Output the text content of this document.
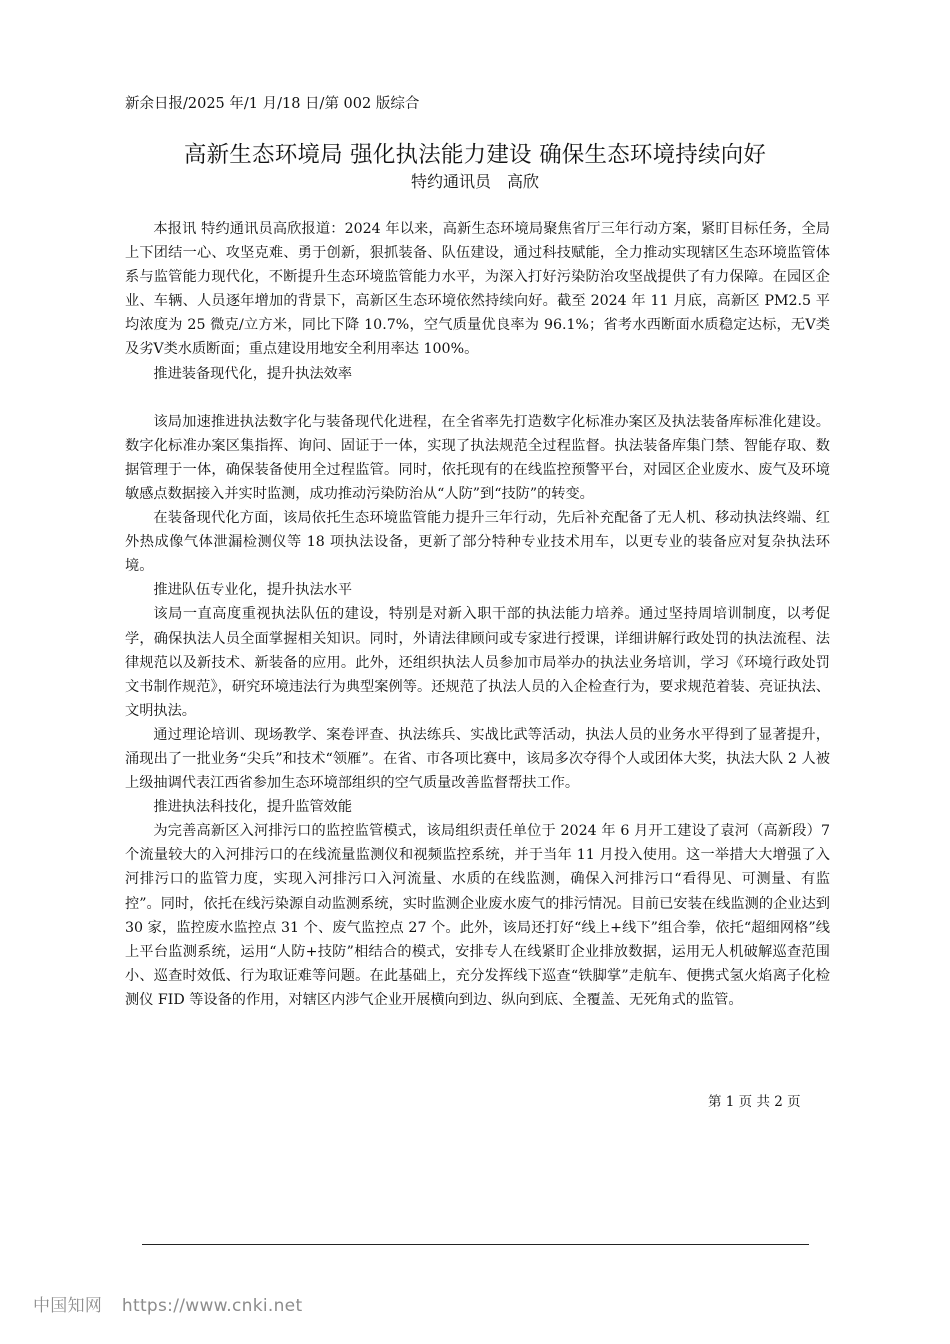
新余日报/2025 年/1 月/18 日/第 002 版综合
高新生态环境局 强化执法能力建设 确保生态环境持续向好
特约通讯员　高欣

本报讯 特约通讯员高欣报道：2024 年以来，高新生态环境局聚焦省厅三年行动方案，紧盯目标任务，全局上下团结一心、攻坚克难、勇于创新，狠抓装备、队伍建设，通过科技赋能，全力推动实现辖区生态环境监管体系与监管能力现代化，不断提升生态环境监管能力水平，为深入打好污染防治攻坚战提供了有力保障。在园区企业、车辆、人员逐年增加的背景下，高新区生态环境依然持续向好。截至 2024 年 11 月底，高新区 PM2.5 平均浓度为 25 微克/立方米，同比下降 10.7%，空气质量优良率为 96.1%；省考水西断面水质稳定达标，无Ⅴ类及劣Ⅴ类水质断面；重点建设用地安全利用率达 100%。

推进装备现代化，提升执法效率

该局加速推进执法数字化与装备现代化进程，在全省率先打造数字化标准办案区及执法装备库标准化建设。数字化标准办案区集指挥、询问、固证于一体，实现了执法规范全过程监督。执法装备库集门禁、智能存取、数据管理于一体，确保装备使用全过程监管。同时，依托现有的在线监控预警平台，对园区企业废水、废气及环境敏感点数据接入并实时监测，成功推动污染防治从“人防”到“技防”的转变。

在装备现代化方面，该局依托生态环境监管能力提升三年行动，先后补充配备了无人机、移动执法终端、红外热成像气体泄漏检测仪等 18 项执法设备，更新了部分特种专业技术用车，以更专业的装备应对复杂执法环境。

推进队伍专业化，提升执法水平

该局一直高度重视执法队伍的建设，特别是对新入职干部的执法能力培养。通过坚持周培训制度，以考促学，确保执法人员全面掌握相关知识。同时，外请法律顾问或专家进行授课，详细讲解行政处罚的执法流程、法律规范以及新技术、新装备的应用。此外，还组织执法人员参加市局举办的执法业务培训，学习《环境行政处罚文书制作规范》，研究环境违法行为典型案例等。还规范了执法人员的入企检查行为，要求规范着装、亮证执法、文明执法。

通过理论培训、现场教学、案卷评查、执法练兵、实战比武等活动，执法人员的业务水平得到了显著提升，涌现出了一批业务“尖兵”和技术“领雁”。在省、市各项比赛中，该局多次夺得个人或团体大奖，执法大队 2 人被上级抽调代表江西省参加生态环境部组织的空气质量改善监督帮扶工作。

推进执法科技化，提升监管效能

为完善高新区入河排污口的监控监管模式，该局组织责任单位于 2024 年 6 月开工建设了袁河（高新段）7 个流量较大的入河排污口的在线流量监测仪和视频监控系统，并于当年 11 月投入使用。这一举措大大增强了入河排污口的监管力度，实现入河排污口入河流量、水质的在线监测，确保入河排污口“看得见、可测量、有监控”。同时，依托在线污染源自动监测系统，实时监测企业废水废气的排污情况。目前已安装在线监测的企业达到 30 家，监控废水监控点 31 个、废气监控点 27 个。此外，该局还打好“线上+线下”组合拳，依托“超细网格”线上平台监测系统，运用“人防+技防”相结合的模式，安排专人在线紧盯企业排放数据，运用无人机破解巡查范围小、巡查时效低、行为取证难等问题。在此基础上，充分发挥线下巡查“铁脚掌”走航车、便携式氢火焰离子化检测仪 FID 等设备的作用，对辖区内涉气企业开展横向到边、纵向到底、全覆盖、无死角式的监管。

第 1 页 共 2 页
中国知网 https://www.cnki.net
